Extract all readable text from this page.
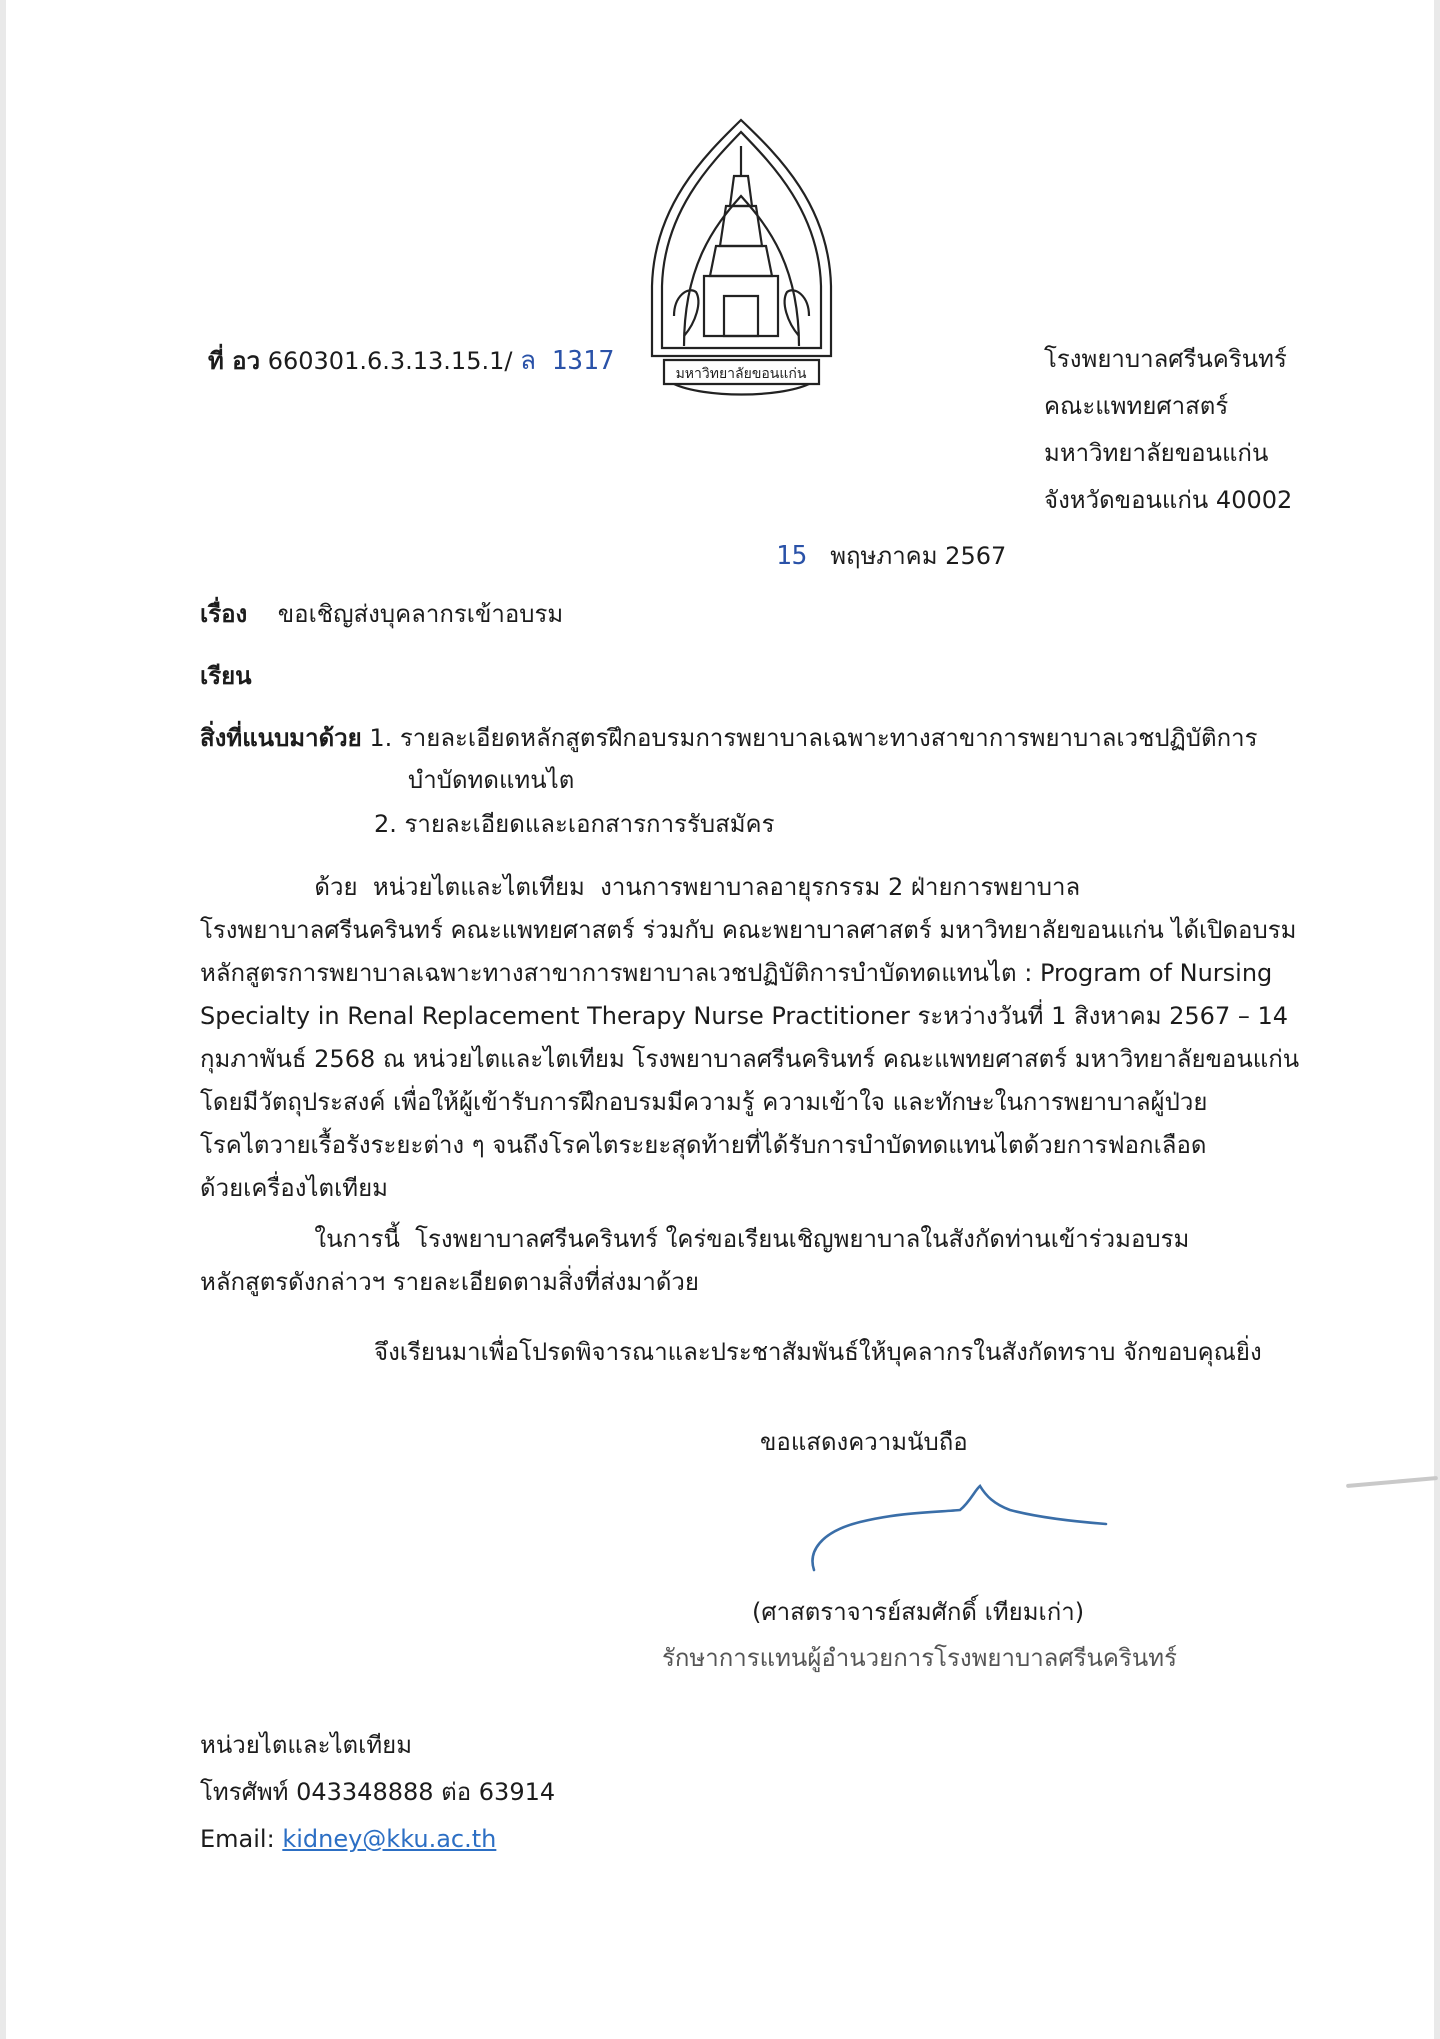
มหาวิทยาลัยขอนแก่น
ที่ อว 660301.6.3.13.15.1/ ล 1317	โรงพยาบาลศรีนครินทร์
คณะแพทยศาสตร์
มหาวิทยาลัยขอนแก่น
จังหวัดขอนแก่น 40002
15 พฤษภาคม 2567
เรื่อง ขอเชิญส่งบุคลากรเข้าอบรม
เรียน
สิ่งที่แนบมาด้วย 1. รายละเอียดหลักสูตรฝึกอบรมการพยาบาลเฉพาะทางสาขาการพยาบาลเวชปฏิบัติการ
บำบัดทดแทนไต
2. รายละเอียดและเอกสารการรับสมัคร
ด้วย  หน่วยไตและไตเทียม  งานการพยาบาลอายุรกรรม 2 ฝ่ายการพยาบาล
โรงพยาบาลศรีนครินทร์ คณะแพทยศาสตร์ ร่วมกับ คณะพยาบาลศาสตร์ มหาวิทยาลัยขอนแก่น ได้เปิดอบรม
หลักสูตรการพยาบาลเฉพาะทางสาขาการพยาบาลเวชปฏิบัติการบำบัดทดแทนไต : Program of Nursing
Specialty in Renal Replacement Therapy Nurse Practitioner ระหว่างวันที่ 1 สิงหาคม 2567 – 14
กุมภาพันธ์ 2568 ณ หน่วยไตและไตเทียม โรงพยาบาลศรีนครินทร์ คณะแพทยศาสตร์ มหาวิทยาลัยขอนแก่น
โดยมีวัตถุประสงค์ เพื่อให้ผู้เข้ารับการฝึกอบรมมีความรู้ ความเข้าใจ และทักษะในการพยาบาลผู้ป่วย
โรคไตวายเรื้อรังระยะต่าง ๆ จนถึงโรคไตระยะสุดท้ายที่ได้รับการบำบัดทดแทนไตด้วยการฟอกเลือด
ด้วยเครื่องไตเทียม
ในการนี้  โรงพยาบาลศรีนครินทร์ ใคร่ขอเรียนเชิญพยาบาลในสังกัดท่านเข้าร่วมอบรม
หลักสูตรดังกล่าวฯ รายละเอียดตามสิ่งที่ส่งมาด้วย
จึงเรียนมาเพื่อโปรดพิจารณาและประชาสัมพันธ์ให้บุคลากรในสังกัดทราบ จักขอบคุณยิ่ง
ขอแสดงความนับถือ
(ศาสตราจารย์สมศักดิ์ เทียมเก่า)
รักษาการแทนผู้อำนวยการโรงพยาบาลศรีนครินทร์
หน่วยไตและไตเทียม
โทรศัพท์ 043348888 ต่อ 63914
Email: kidney@kku.ac.th
